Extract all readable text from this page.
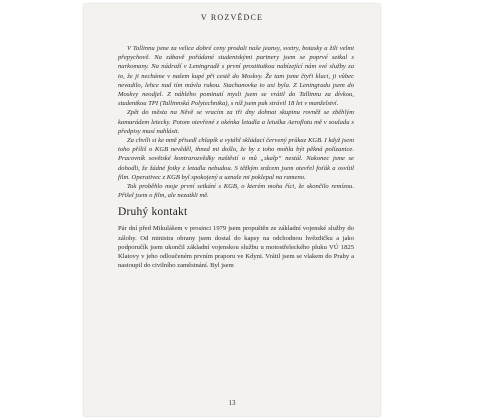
V ROZVĚDCE

V Tallinnu jsme za velice dobré ceny prodali naše jeansy, svetry, botasky a žili velmi přepychově. Na zábavě pořádané studentskými partnery jsem se poprvé setkal s narkomany. Na nádraží v Leningradě s první prostitutkou nabízející nám své služby za to, že ji necháme v našem kupé při cestě do Moskvy. Že tam jsme čtyři kluci, ji vůbec nevadilo, lehce nad tím mávla rukou. Stachanovka to asi byla. Z Leningradu jsem do Moskvy neodjel. Z náhlého pominutí mysli jsem se vrátil do Tallinnu za dívkou, studentkou TPI (Tallinnská Polytechnika), s níž jsem pak strávil 18 let v manželství.

Zpět do města na Něvě se vracím za tři dny dohnat skupinu rovněž se zběhlým kamarádem letecky. Potom otevřené z okénka letadla a letuška Aeroflotu mě v souladu s předpisy musí nahlásit.

Za chvíli si ke mně přisedl chlapík a vytáhl skládací červený průkaz KGB. I když jsem toho příliš o KGB nevěděl, ihned mi došlo, že by z toho mohla být pěkná polízanice. Pracovník sovětské kontrarozvědky naštěstí o mů „skalp“ nestál. Nakonec jsme se dohodli, že žádné fotky z letadla nebudou. S těžkým srdcem jsem otevřel foťák a osvítil film. Operativec z KGB byl spokojený a uznale mi poklepal na rameno.

Tak proběhlo moje první setkání s KGB, o kterém mohu říci, že skončilo remízou. Přišel jsem o film, ale nezatkli mě.

Druhý kontakt

Pár dní před Mikulášem v prosinci 1979 jsem propuštěn ze základní vojenské služby do zálohy. Od ministra obrany jsem dostal do kapsy na odchodnou hvězdičku a jako podporučík jsem ukončil základní vojenskou službu u motostřeleckého pluku VÚ 1825 Klatovy v jeho odloučeném prvním praporu ve Kdyni. Vrátil jsem se vlakem do Prahy a nastoupil do civilního zaměstnání. Byl jsem

13
